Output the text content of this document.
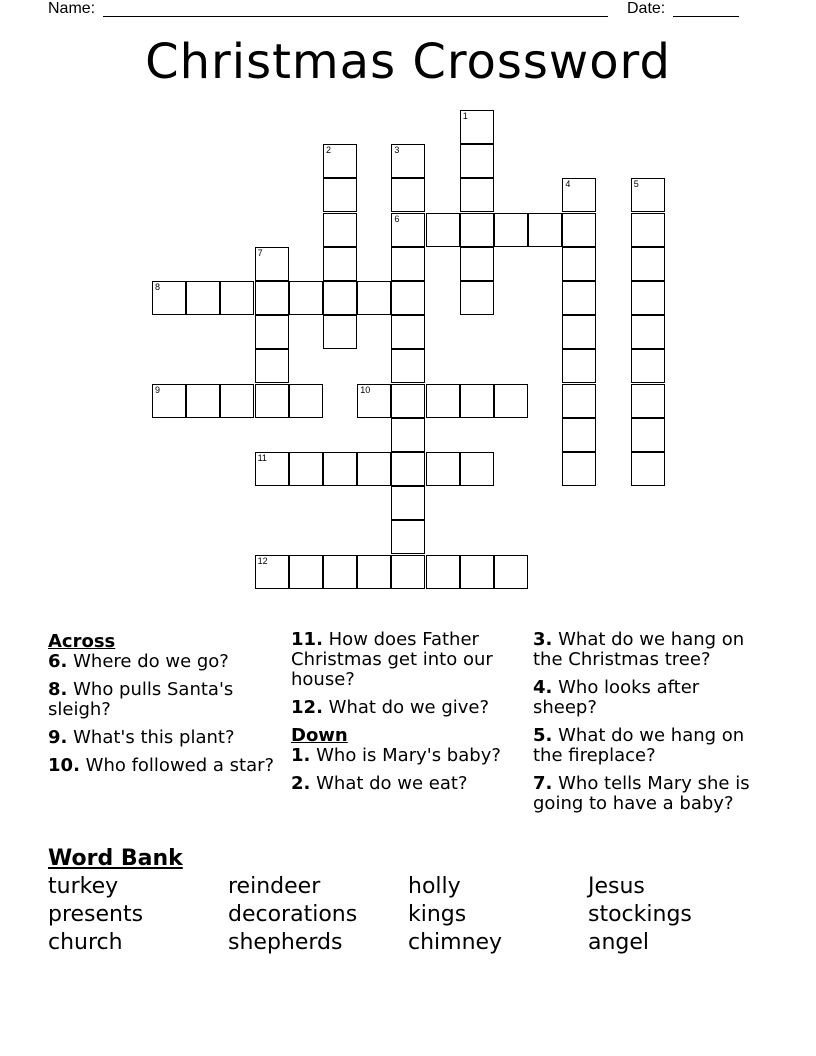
Name:	Date:
Christmas Crossword
1
2	3
6
4	5
7
8
9	10
11
12
Across
6. Where do we go?
8. Who pulls Santa's sleigh?
9. What's this plant?
10. Who followed a star?
11. How does Father Christmas get into our house?
12. What do we give?
Down
1. Who is Mary's baby?
2. What do we eat?
3. What do we hang on the Christmas tree?
4. Who looks after sheep?
5. What do we hang on the fireplace?
7. Who tells Mary she is going to have a baby?
Word Bank
turkey
presents
church
reindeer
decorations
shepherds
holly
kings
chimney
Jesus
stockings
angel
